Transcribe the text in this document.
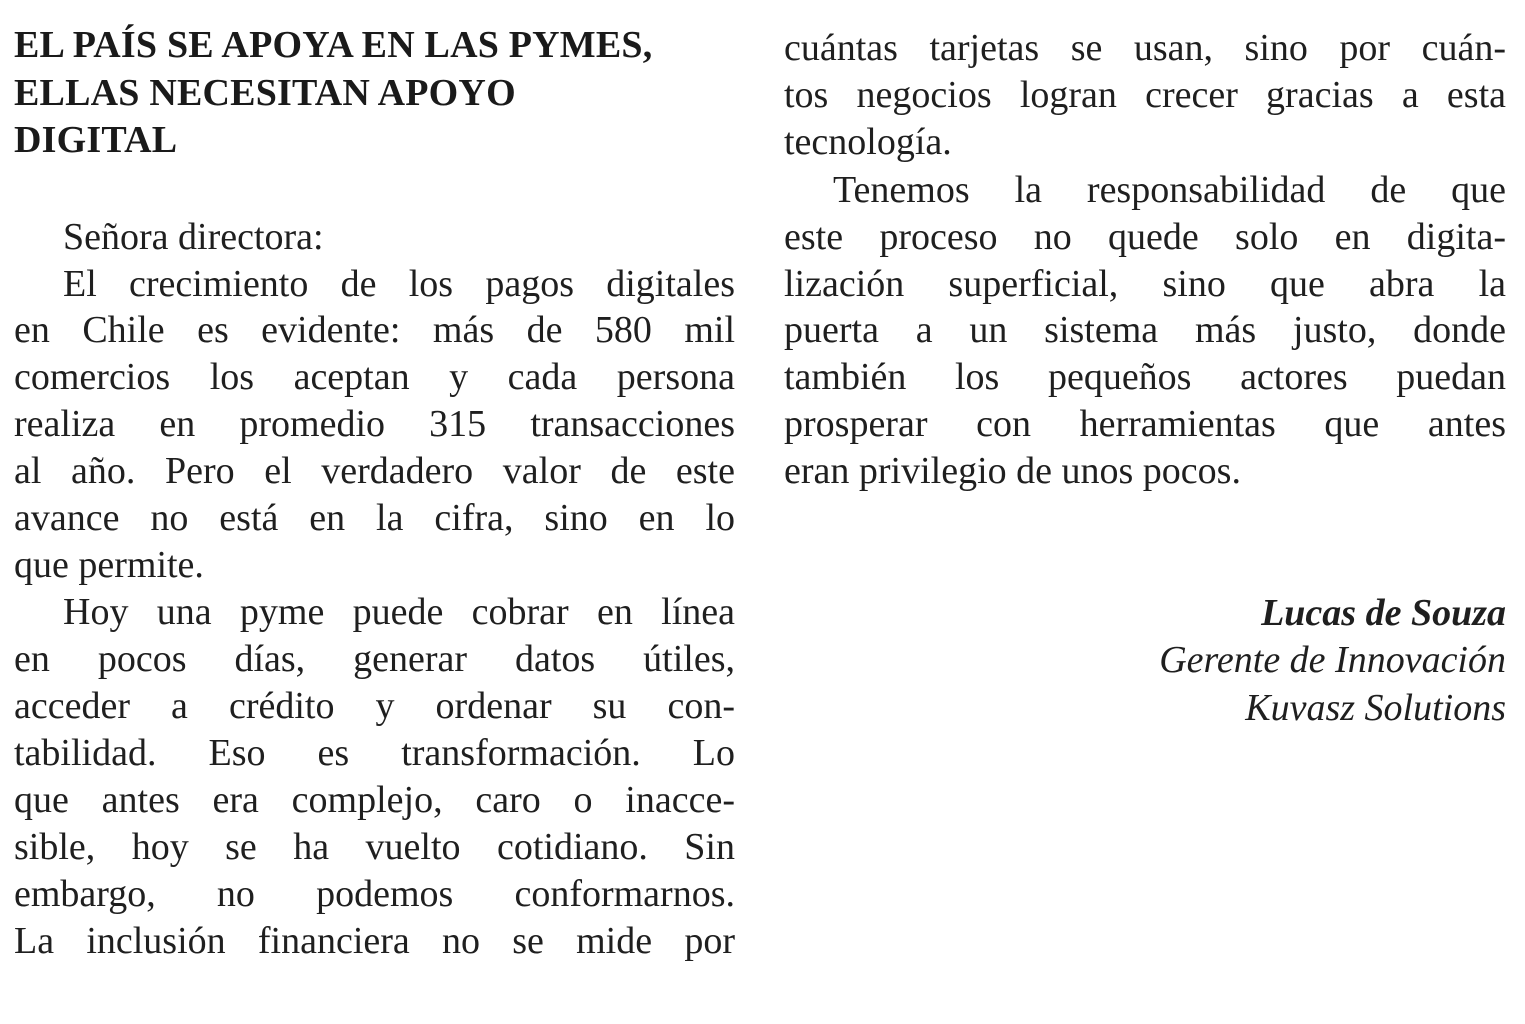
EL PAÍS SE APOYA EN LAS PYMES,
ELLAS NECESITAN APOYO
DIGITAL
Señora directora:
El crecimiento de los pagos digitales
en Chile es evidente: más de 580 mil
comercios los aceptan y cada persona
realiza en promedio 315 transacciones
al año. Pero el verdadero valor de este
avance no está en la cifra, sino en lo
que permite.
Hoy una pyme puede cobrar en línea
en pocos días, generar datos útiles,
acceder a crédito y ordenar su con-
tabilidad. Eso es transformación. Lo
que antes era complejo, caro o inacce-
sible, hoy se ha vuelto cotidiano. Sin
embargo, no podemos conformarnos.
La inclusión financiera no se mide por
cuántas tarjetas se usan, sino por cuán-
tos negocios logran crecer gracias a esta
tecnología.
Tenemos la responsabilidad de que
este proceso no quede solo en digita-
lización superficial, sino que abra la
puerta a un sistema más justo, donde
también los pequeños actores puedan
prosperar con herramientas que antes
eran privilegio de unos pocos.
Lucas de Souza
Gerente de Innovación
Kuvasz Solutions
